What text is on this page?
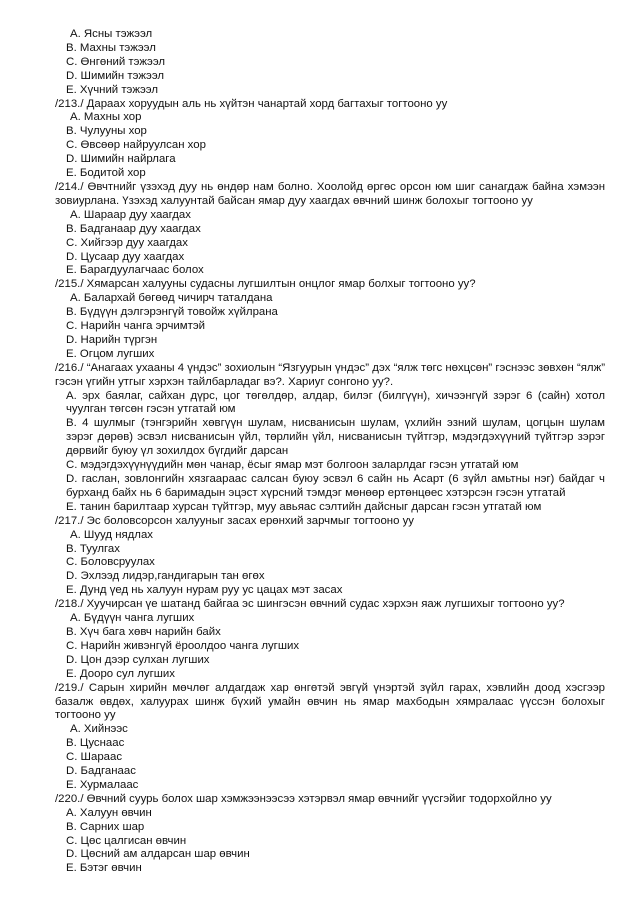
A. Ясны тэжээл
B. Махны тэжээл
C. Өнгөний тэжээл
D. Шимийн тэжээл
E. Хүчний тэжээл
/213./ Дараах хоруудын аль нь хүйтэн чанартай хорд багтахыг тогтооно уу
A. Махны хор
B. Чулууны хор
C. Өвсөөр найруулсан хор
D. Шимийн найрлага
E. Бодитой хор
/214./ Өвчтнийг үзэхэд дуу нь өндөр нам болно. Хоолойд өргөс орсон юм шиг санагдаж байна хэмээн зовиурлана. Үзэхэд халуунтай байсан ямар дуу хаагдах өвчний шинж болохыг тогтооно уу
A. Шараар дуу хаагдах
B. Бадганаар дуу хаагдах
C. Хийгээр дуу хаагдах
D. Цусаар дуу хаагдах
E. Барагдуулагчаас болох
/215./ Хямарсан халууны судасны лугшилтын онцлог ямар болхыг тогтооно уу?
A. Балархай бөгөөд чичирч таталдана
B. Бүдүүн дэлгэрэнгүй товойж хүйлрана
C. Нарийн чанга эрчимтэй
D. Нарийн түргэн
E. Огцом лугших
/216./ “Анагаах ухааны 4 үндэс” зохиолын “Язгуурын үндэс” дэх “ялж төгс нөхцсөн” гэснээс зөвхөн “ялж” гэсэн үгийн утгыг хэрхэн тайлбарладаг вэ?. Хариуг сонгоно уу?.
A. эрх баялаг, сайхан дүрс, цог төгөлдөр, алдар, билэг (билгүүн), хичээнгүй зэрэг 6 (сайн) хотол чуулган төгсөн гэсэн утгатай юм
B. 4 шулмыг (тэнгэрийн хөвгүүн шулам, нисванисын шулам, үхлийн эзний шулам, цогцын шулам зэрэг дөрөв) эсвэл нисванисын үйл, төрлийн үйл, нисванисын түйтгэр, мэдэгдэхүүний түйтгэр зэрэг дөрвийг буюу үл зохилдох бүгдийг дарсан
C. мэдэгдэхүүнүүдийн мөн чанар, ёсыг ямар мэт болгоон заларлдаг гэсэн утгатай юм
D. гаслан, зовлонгийн хязгаараас салсан буюу эсвэл 6 сайн нь Асарт (6 зүйл амьтны нэг) байдаг ч бурханд байх нь 6 баримадын эцэст хүрсний тэмдэг мөнөөр ертөнцөес хэтэрсэн гэсэн утгатай
E. танин барилтаар хурсан түйтгэр, муу авьяас сэлтийн дайсныг дарсан гэсэн утгатай юм
/217./ Эс боловсорсон халууныг засах ерөнхий зарчмыг тогтооно уу
A. Шууд нядлах
B. Туулгах
C. Боловсруулах
D. Эхлээд лидэр,гандигарын тан өгөх
E. Дунд үед нь халуун нурам руу ус цацах мэт засах
/218./ Хуучирсан үе шатанд байгаа эс шингэсэн өвчний судас хэрхэн яаж лугшихыг тогтооно уу?
A. Бүдүүн чанга лугших
B. Хүч бага хөвч нарийн байх
C. Нарийн живэнгүй ёроолдоо чанга лугших
D. Цон дээр сулхан лугших
E. Дооро сул лугших
/219./ Сарын хирийн мөчлөг алдагдаж хар өнгөтэй эвгүй үнэртэй зүйл гарах, хэвлийн доод хэсгээр базалж өвдөх, халуурах шинж бүхий умайн өвчин нь ямар махбодын хямралаас үүссэн болохыг тогтооно уу
A. Хийнээс
B. Цуснаас
C. Шараас
D. Бадганаас
E. Хурмалаас
/220./ Өвчний суурь болох шар хэмжээнээсээ хэтэрвэл ямар өвчнийг үүсгэйиг тодорхойлно уу
A. Халуун өвчин
B. Сарних шар
C. Цөс цалгисан өвчин
D. Цөсний ам алдарсан шар өвчин
E. Бэтэг өвчин
